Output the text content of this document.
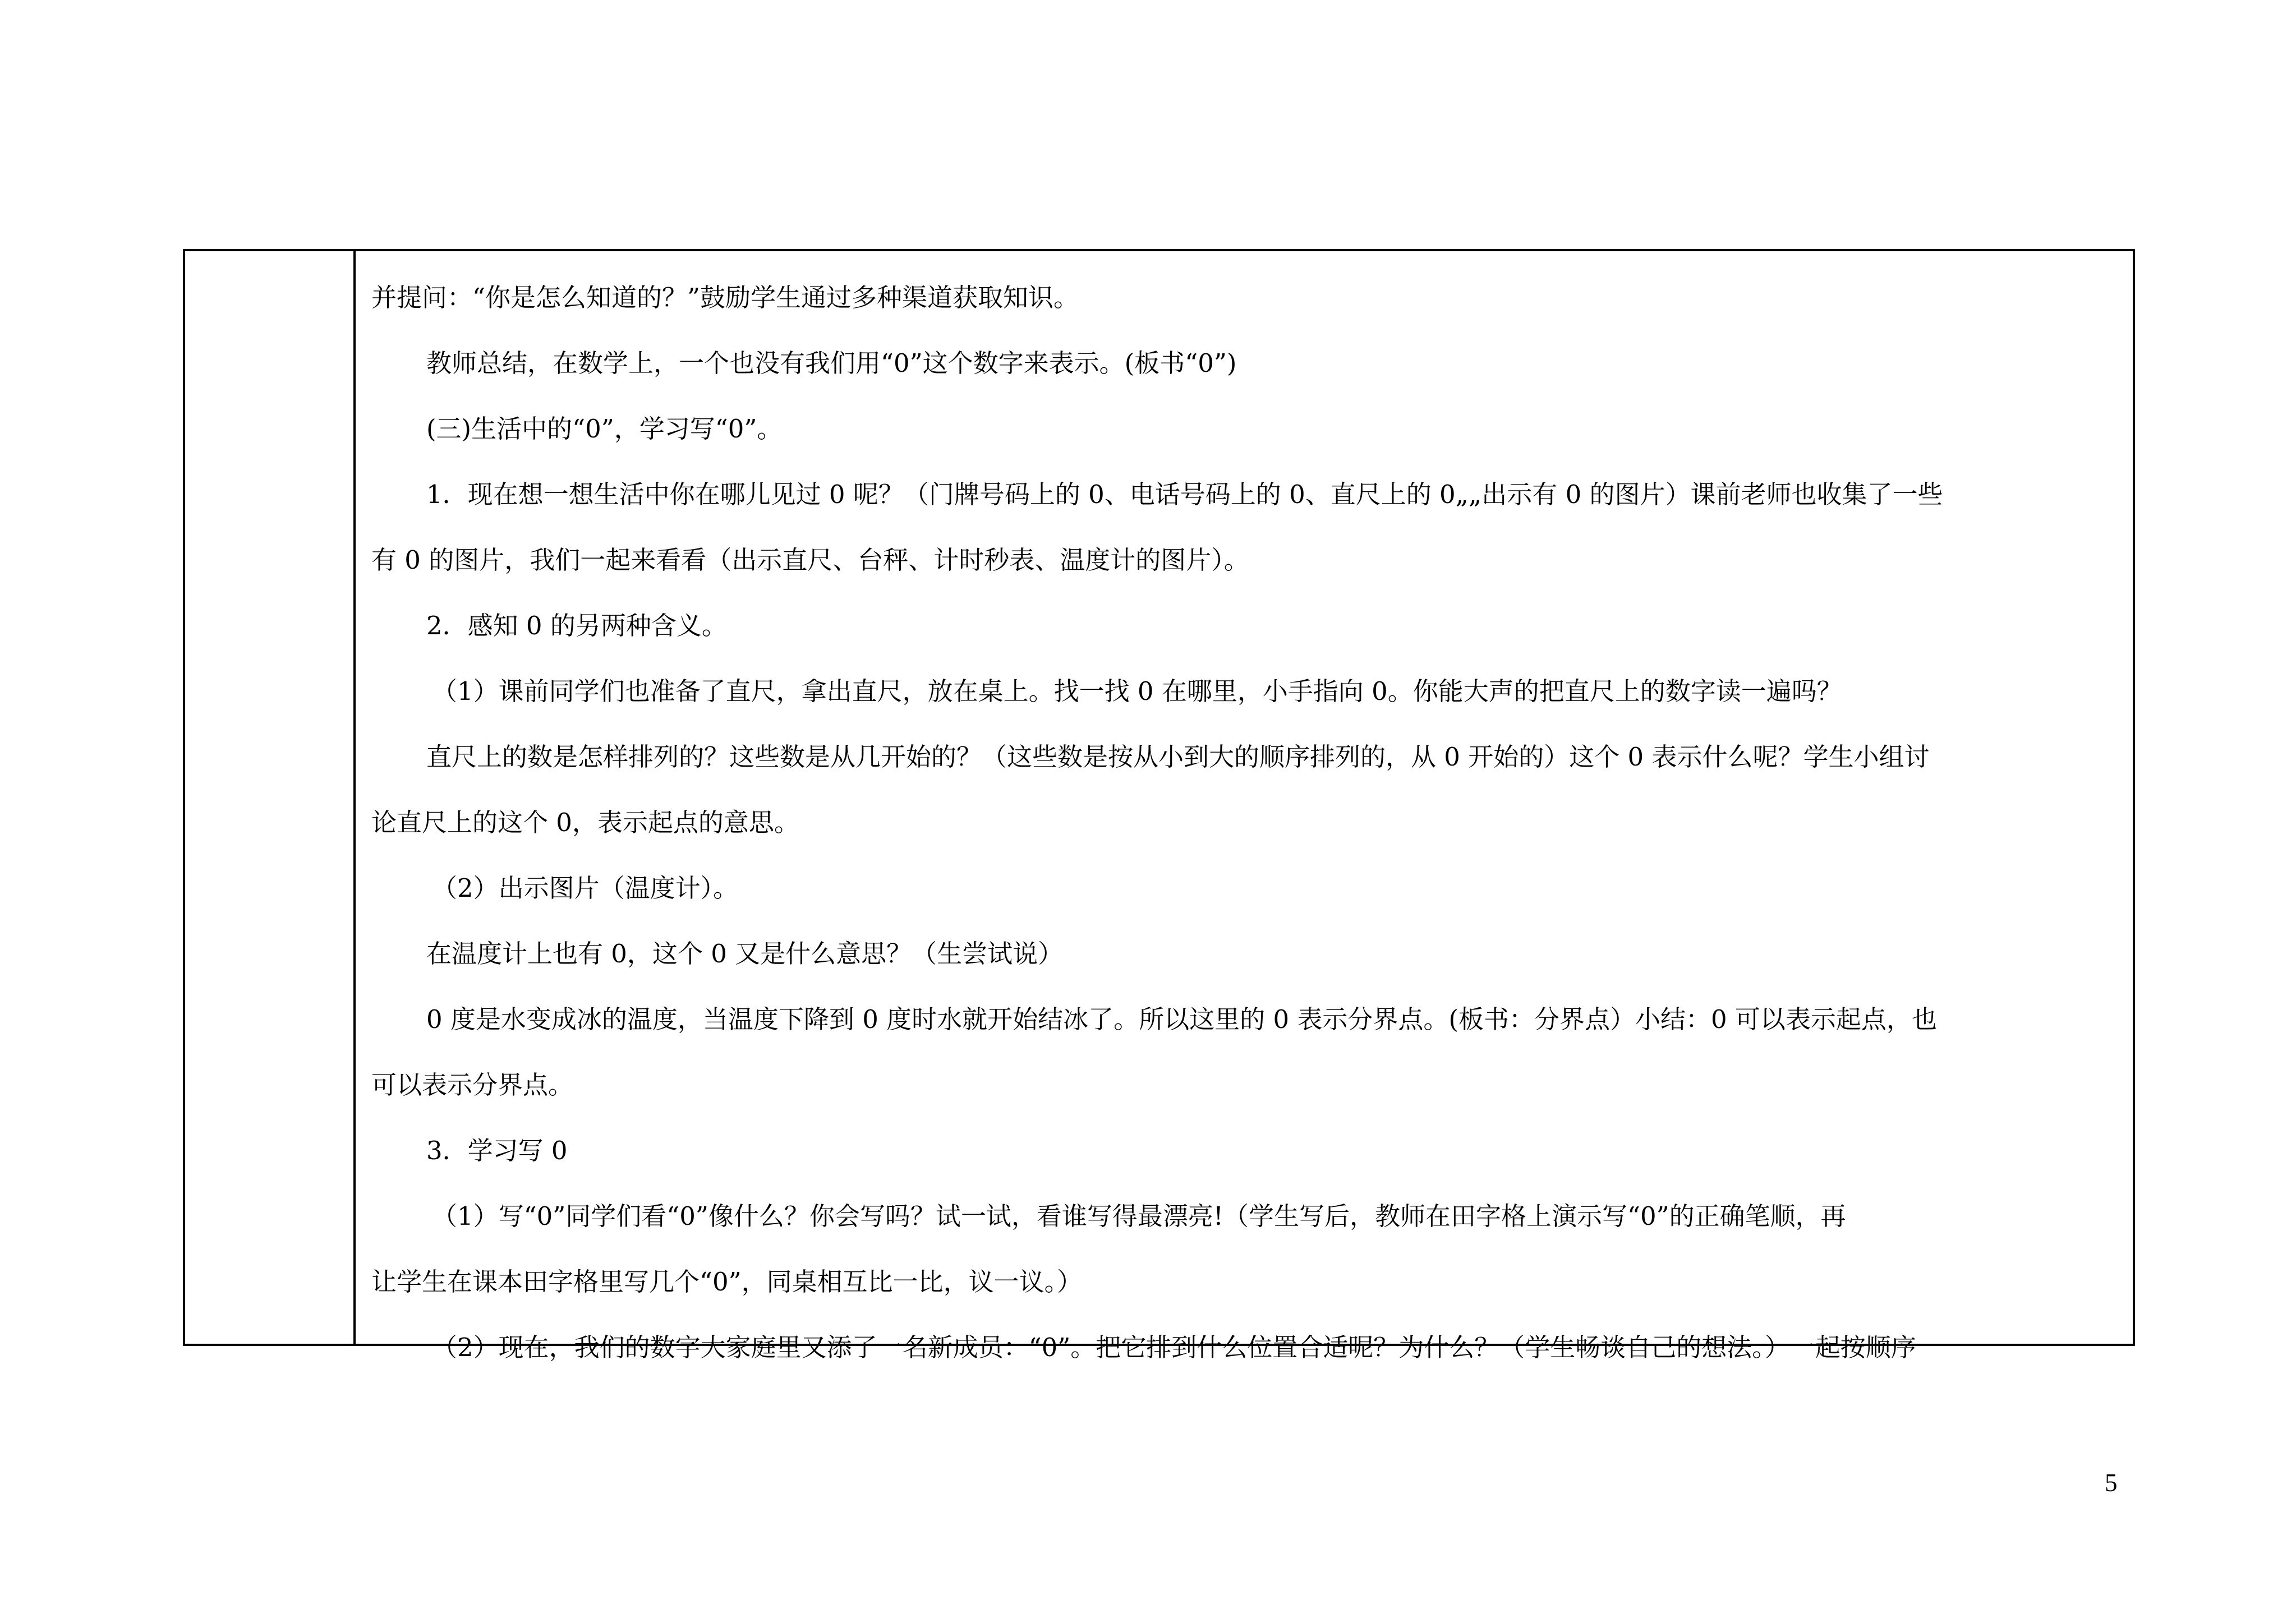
并提问：“你是怎么知道的？”鼓励学生通过多种渠道获取知识。

教师总结，在数学上，一个也没有我们用“0”这个数字来表示。(板书“0”)

(三)生活中的“0”，学习写“0”。

1．现在想一想生活中你在哪儿见过 0 呢？（门牌号码上的 0、电话号码上的 0、直尺上的 0„„出示有 0 的图片）课前老师也收集了一些

有 0 的图片，我们一起来看看（出示直尺、台秤、计时秒表、温度计的图片）。

2．感知 0 的另两种含义。

（1）课前同学们也准备了直尺，拿出直尺，放在桌上。找一找 0 在哪里，小手指向 0。你能大声的把直尺上的数字读一遍吗？

直尺上的数是怎样排列的？这些数是从几开始的？（这些数是按从小到大的顺序排列的，从 0 开始的）这个 0 表示什么呢？学生小组讨

论直尺上的这个 0，表示起点的意思。

（2）出示图片（温度计）。

在温度计上也有 0，这个 0 又是什么意思？（生尝试说）

0 度是水变成冰的温度，当温度下降到 0 度时水就开始结冰了。所以这里的 0 表示分界点。(板书：分界点）小结：0 可以表示起点，也

可以表示分界点。

3．学习写 0

（1）写“0”同学们看“0”像什么？你会写吗？试一试，看谁写得最漂亮!（学生写后，教师在田字格上演示写“0”的正确笔顺，再

让学生在课本田字格里写几个“0”，同桌相互比一比，议一议。）

（2）现在，我们的数字大家庭里又添了一名新成员：“0”。把它排到什么位置合适呢？为什么？（学生畅谈自己的想法。）一起按顺序

5
